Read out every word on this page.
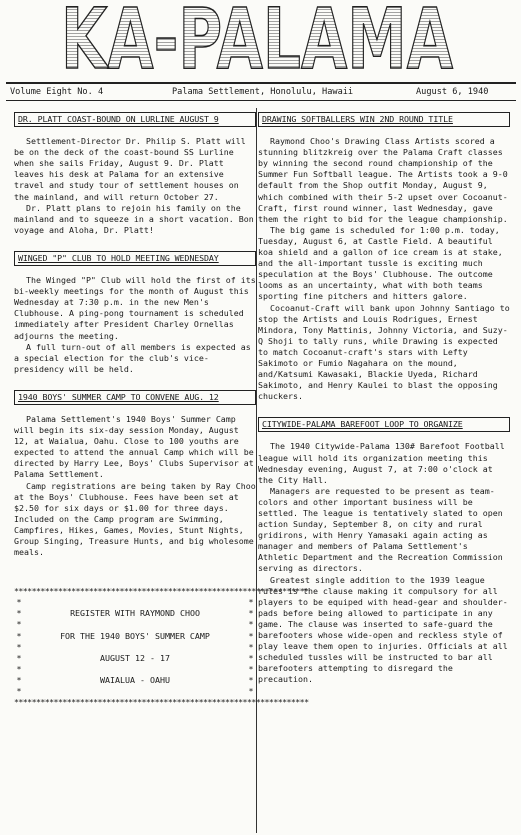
KA-PALAMA
Volume Eight No. 4	Palama Settlement, Honolulu, Hawaii	August 6, 1940
DR. PLATT COAST-BOUND ON LURLINE AUGUST 9

Settlement-Director Dr. Philip S. Platt will be on the deck of the coast-bound SS Lurline when she sails Friday, August 9. Dr. Platt leaves his desk at Palama for an extensive travel and study tour of settlement houses on the mainland, and will return October 27.

Dr. Platt plans to rejoin his family on the mainland and to squeeze in a short vacation. Bon voyage and Aloha, Dr. Platt!

WINGED "P" CLUB TO HOLD MEETING WEDNESDAY

The Winged "P" Club will hold the first of its bi-weekly meetings for the month of August this Wednesday at 7:30 p.m. in the new Men's Clubhouse. A ping-pong tournament is scheduled immediately after President Charley Ornellas adjourns the meeting.

A full turn-out of all members is expected as a special election for the club's vice-presidency will be held.

1940 BOYS' SUMMER CAMP TO CONVENE AUG. 12

Palama Settlement's 1940 Boys' Summer Camp will begin its six-day session Monday, August 12, at Waialua, Oahu. Close to 100 youths are expected to attend the annual Camp which will be directed by Harry Lee, Boys' Clubs Supervisor at Palama Settlement.

Camp registrations are being taken by Ray Choo at the Boys' Clubhouse. Fees have been set at $2.50 for six days or $1.00 for three days. Included on the Camp program are Swimming, Campfires, Hikes, Games, Movies, Stunt Nights, Group Singing, Treasure Hunts, and big wholesome meals.

*******************************************************************
*	*
*	REGISTER WITH RAYMOND CHOO	*
*	*
*	FOR THE 1940 BOYS' SUMMER CAMP	*
*	*
*	AUGUST 12 - 17	*
*	*
*	WAIALUA - OAHU	*
*	*
*******************************************************************
DRAWING SOFTBALLERS WIN 2ND ROUND TITLE

Raymond Choo's Drawing Class Artists scored a stunning blitzkreig over the Palama Craft classes by winning the second round championship of the Summer Fun Softball league. The Artists took a 9-0 default from the Shop outfit Monday, August 9, which combined with their 5-2 upset over Cocoanut-Craft, first round winner, last Wednesday, gave them the right to bid for the league championship.

The big game is scheduled for 1:00 p.m. today, Tuesday, August 6, at Castle Field. A beautiful koa shield and a gallon of ice cream is at stake, and the all-important tussle is exciting much speculation at the Boys' Clubhouse. The outcome looms as an uncertainty, what with both teams sporting fine pitchers and hitters galore.

Cocoanut-Craft will bank upon Johnny Santiago to stop the Artists and Louis Rodrigues, Ernest Mindora, Tony Mattinis, Johnny Victoria, and Suzy-Q Shoji to tally runs, while Drawing is expected to match Cocoanut-craft's stars with Lefty Sakimoto or Fumio Nagahara on the mound, and/Katsumi Kawasaki, Blackie Uyeda, Richard Sakimoto, and Henry Kaulei to blast the opposing chuckers.

CITYWIDE-PALAMA BAREFOOT LOOP TO ORGANIZE

The 1940 Citywide-Palama 130# Barefoot Football league will hold its organization meeting this Wednesday evening, August 7, at 7:00 o'clock at the City Hall.

Managers are requested to be present as team-colors and other important business will be settled. The league is tentatively slated to open action Sunday, September 8, on city and rural gridirons, with Henry Yamasaki again acting as manager and members of Palama Settlement's Athletic Department and the Recreation Commission serving as directors.

Greatest single addition to the 1939 league rules is the clause making it compulsory for all players to be equiped with head-gear and shoulder-pads before being allowed to participate in any game. The clause was inserted to safe-guard the barefooters whose wide-open and reckless style of play leave them open to injuries. Officials at all scheduled tussles will be instructed to bar all barefooters attempting to disregard the precaution.
